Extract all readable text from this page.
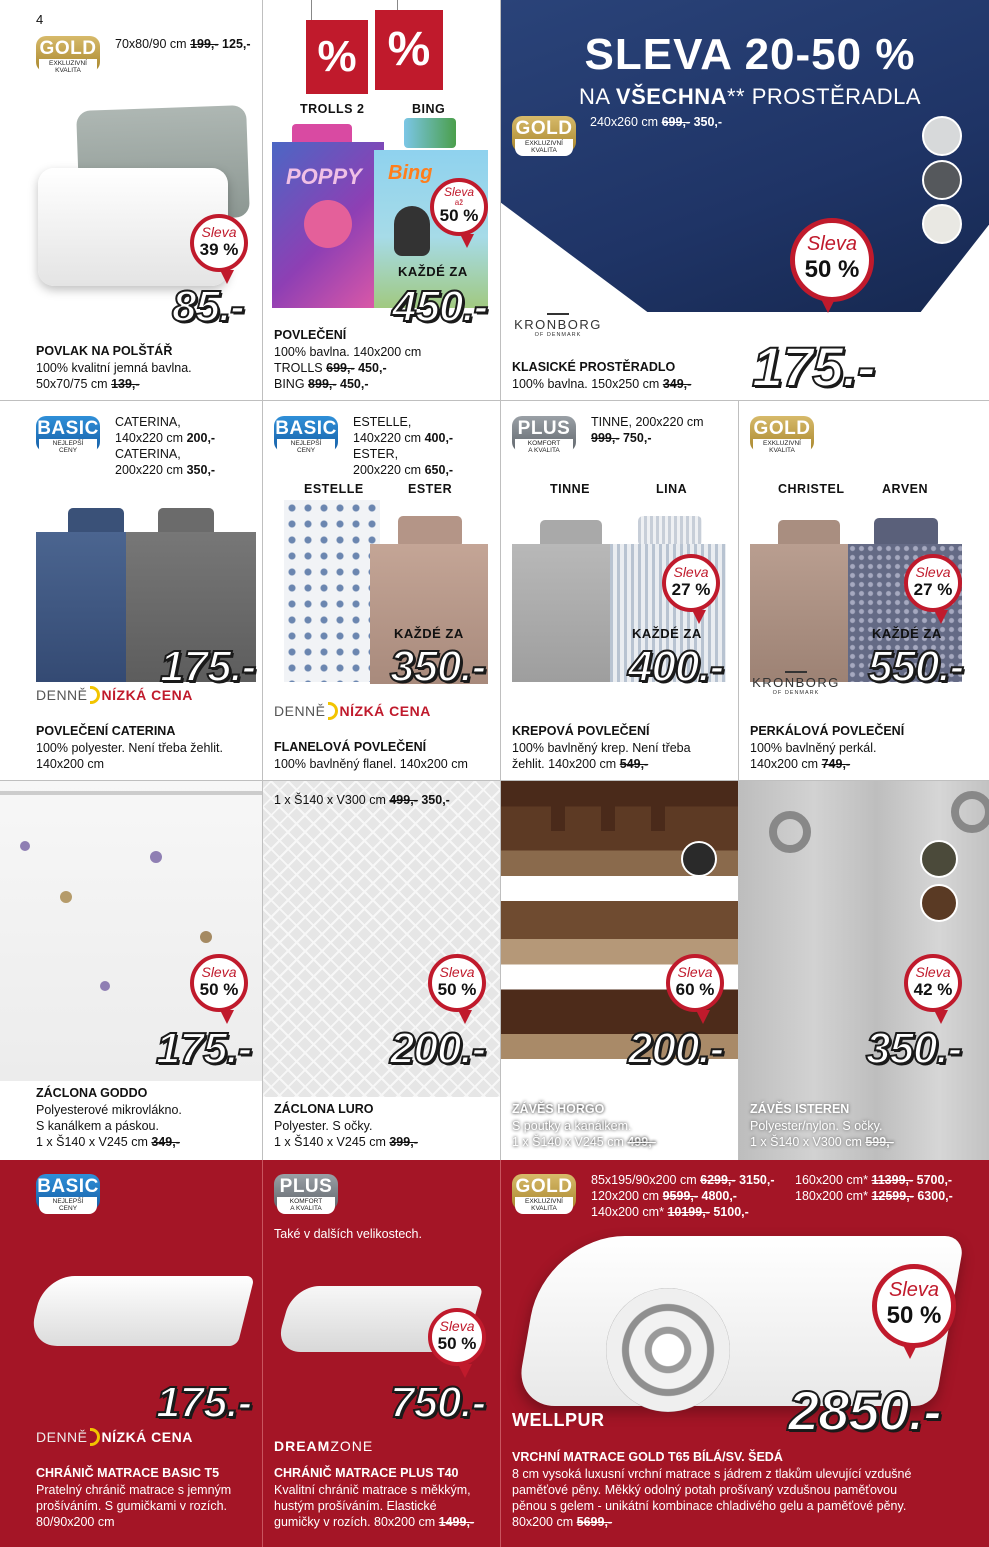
4
GOLD
EXKLUZIVNÍ
KVALITA
70x80/90 cm 199,- 125,-
Sleva
39 %
85.-
POVLAK NA POLŠTÁŘ
100% kvalitní jemná bavlna.
50x70/75 cm 139,-
% %
TROLLS 2	BING
POPPY Bing
Sleva
až
50 %
KAŽDÉ ZA
450.-
POVLEČENÍ
100% bavlna. 140x200 cm
TROLLS 699,- 450,-
BING 899,- 450,-
SLEVA 20-50 %
NA VŠECHNA** PROSTĚRADLA
GOLD
EXKLUZIVNÍ
KVALITA
240x260 cm 699,- 350,-
Sleva
50 %
KRONBORG
OF DENMARK
KLASICKÉ PROSTĚRADLO
100% bavlna. 150x250 cm 349,- 175.-
BASIC
NEJLEPŠÍ
CENY
CATERINA,
140x220 cm 200,-
CATERINA,
200x220 cm 350,-
175.-
DENNĚ NÍZKÁ CENA
POVLEČENÍ CATERINA
100% polyester. Není třeba žehlit.
140x200 cm
BASIC
NEJLEPŠÍ
CENY
ESTELLE,
140x220 cm 400,-
ESTER,
200x220 cm 650,-
ESTELLE	ESTER
KAŽDÉ ZA
350.-
DENNĚ NÍZKÁ CENA
FLANELOVÁ POVLEČENÍ
100% bavlněný flanel. 140x200 cm
PLUS
KOMFORT
A KVALITA
TINNE, 200x220 cm
999,- 750,-
TINNE	LINA
Sleva
27 %
KAŽDÉ ZA
400.-
KREPOVÁ POVLEČENÍ
100% bavlněný krep. Není třeba
žehlit. 140x200 cm 549,-
GOLD
EXKLUZIVNÍ
KVALITA
CHRISTEL	ARVEN
Sleva
27 %
KAŽDÉ ZA
550.-
KRONBORG
OF DENMARK
PERKÁLOVÁ POVLEČENÍ
100% bavlněný perkál.
140x200 cm 749,-
Sleva
50 %
175.-
ZÁCLONA GODDO
Polyesterové mikrovlákno.
S kanálkem a páskou.
1 x Š140 x V245 cm 349,-
1 x Š140 x V300 cm 499,- 350,-
Sleva
50 %
200.-
ZÁCLONA LURO
Polyester. S očky.
1 x Š140 x V245 cm 399,-
Sleva
60 %
200.-
ZÁVĚS HORGO
S poutky a kanálkem.
1 x Š140 x V245 cm 499,-
Sleva
42 %
350.-
ZÁVĚS ISTEREN
Polyester/nylon. S očky.
1 x Š140 x V300 cm 599,-
BASIC
NEJLEPŠÍ
CENY
175.-
DENNĚ NÍZKÁ CENA
CHRÁNIČ MATRACE BASIC T5
Pratelný chránič matrace s jemným
prošíváním. S gumičkami v rozích.
80/90x200 cm
PLUS
KOMFORT
A KVALITA
Také v dalších velikostech.
Sleva
50 %
750.-
DREAMZONE
CHRÁNIČ MATRACE PLUS T40
Kvalitní chránič matrace s měkkým,
hustým prošíváním. Elastické
gumičky v rozích. 80x200 cm 1499,-
GOLD
EXKLUZIVNÍ
KVALITA
85x195/90x200 cm 6299,- 3150,-
120x200 cm 9599,- 4800,-
140x200 cm* 10199,- 5100,-
160x200 cm* 11399,- 5700,-
180x200 cm* 12599,- 6300,-
Sleva
50 %
2850.-
WELLPUR
VRCHNÍ MATRACE GOLD T65 BÍLÁ/SV. ŠEDÁ
8 cm vysoká luxusní vrchní matrace s jádrem z tlakům ulevující vzdušné
paměťové pěny. Měkký odolný potah prošívaný vzdušnou paměťovou
pěnou s gelem - unikátní kombinace chladivého gelu a paměťové pěny.
80x200 cm 5699,-
